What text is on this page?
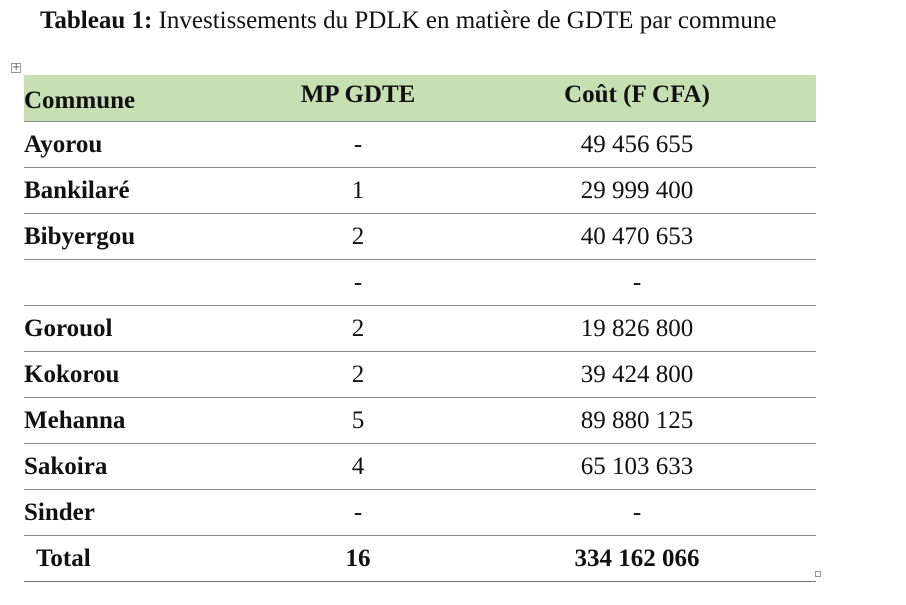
Tableau 1: Investissements du PDLK en matière de GDTE par commune
+
Commune	MP GDTE	Coût (F CFA)
Ayorou	-	49 456 655
Bankilaré	1	29 999 400
Bibyergou	2	40 470 653
	-	-
Gorouol	2	19 826 800
Kokorou	2	39 424 800
Mehanna	5	89 880 125
Sakoira	4	65 103 633
Sinder	-	-
Total	16	334 162 066
